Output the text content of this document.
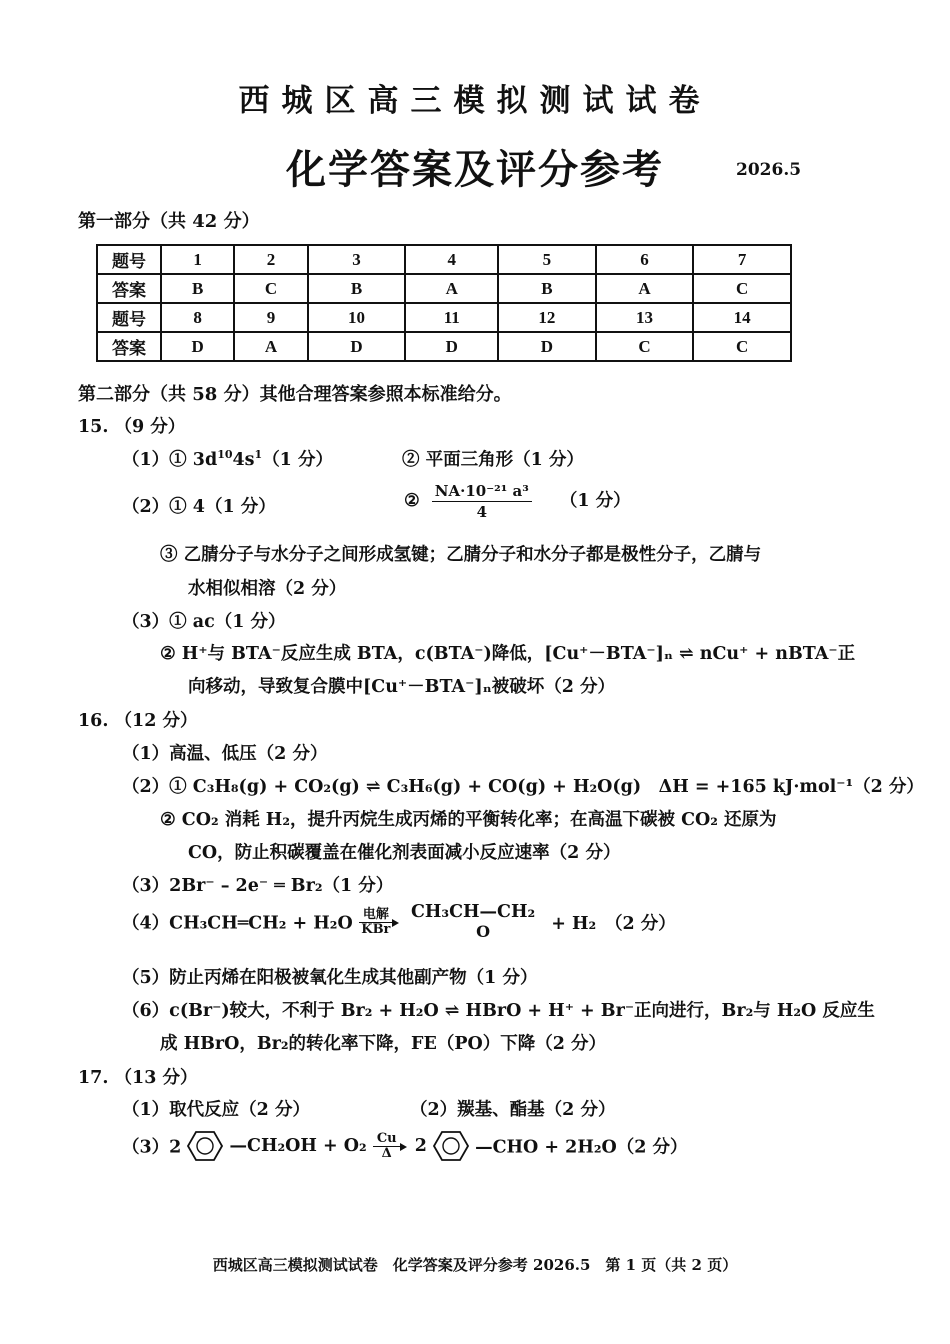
西城区高三模拟测试试卷
化学答案及评分参考	2026.5
第一部分（共 42 分）
题号	1	2	3	4	5	6	7
答案	B	C	B	A	B	A	C
题号	8	9	10	11	12	13	14
答案	D	A	D	D	D	C	C
第二部分（共 58 分）其他合理答案参照本标准给分。
15. （9 分）
（1）① $3d^{10}4s^1(1$ 分）	② 平面三角形（1 分）
（2）① 4（1 分）	② $\frac{\text{NA·10⁻²¹ a³}}{4} (1$ 分）
③ 乙腈分子与水分子之间形成氢键；乙腈分子和水分子都是极性分子，乙腈与
水相似相溶（2 分）
（3）① ac（1 分）
② H⁺与 BTA⁻反应生成 BTA，c(BTA⁻)降低，[Cu⁺－BTA⁻]ₙ ⇌ nCu⁺ + nBTA⁻正
向移动，导致复合膜中[Cu⁺－BTA⁻]ₙ被破坏（2 分）
16. （12 分）
（1）高温、低压（2 分）
（2）① C₃H₈(g) + CO₂(g) ⇌ C₃H₆(g) + CO(g) + H₂O(g)　ΔH = +165 kJ·mol⁻¹（2 分）
② CO₂ 消耗 H₂，提升丙烷生成丙烯的平衡转化率；在高温下碳被 CO₂ 还原为
CO，防止积碳覆盖在催化剂表面减小反应速率（2 分）
（3）2Br⁻ – 2e⁻ ═ Br₂（1 分）
（4）CH₃CH═CH₂ + H₂O 电解
KBr
CH₃CH—CH₂
O	+ H₂　（2 分）
（5）防止丙烯在阳极被氧化生成其他副产物（1 分）
（6）c(Br⁻)较大，不利于 Br₂ + H₂O ⇌ HBrO + H⁺ + Br⁻正向进行，Br₂与 H₂O 反应生
成 HBrO，Br₂的转化率下降，FE（PO）下降（2 分）
17. （13 分）
（1）取代反应（2 分）	（2）羰基、酯基（2 分）
（3）2	—CH₂OH + $O_2 \frac{Cu}{\Delta} 2$	—CHO + 2H₂O（2 分）
西城区高三模拟测试试卷　化学答案及评分参考 2026.5　第 1 页（共 2 页）
